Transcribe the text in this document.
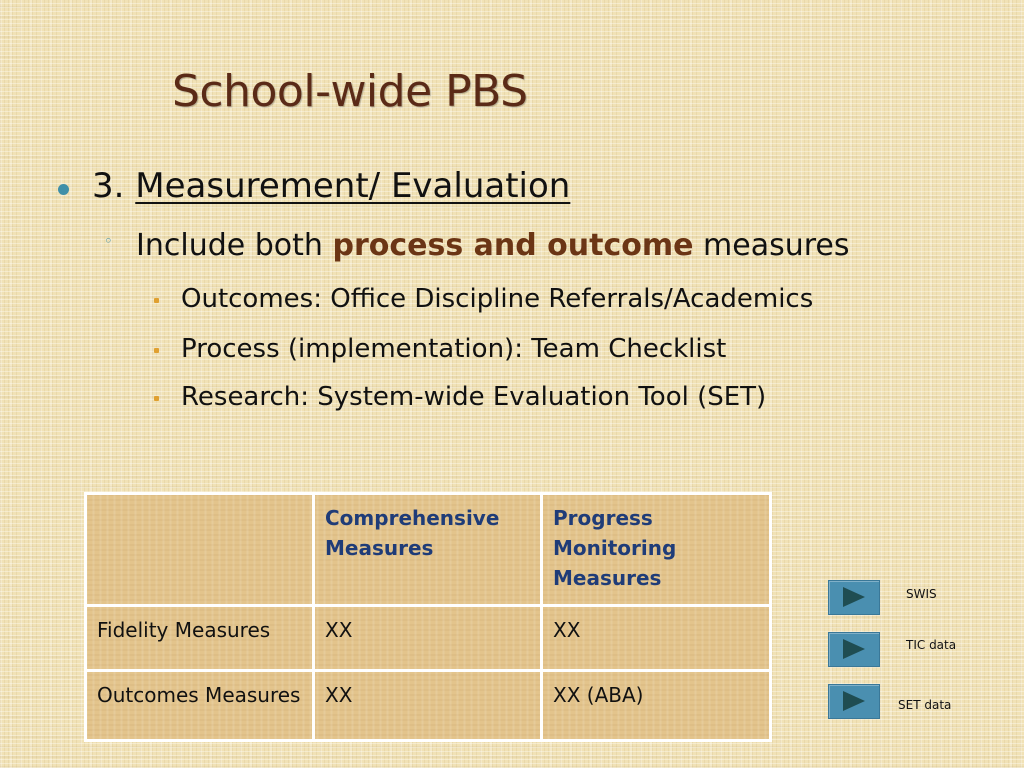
School-wide PBS
3. Measurement/ Evaluation
◦ Include both process and outcome measures
Outcomes: Office Discipline Referrals/Academics
Process (implementation): Team Checklist
Research: System-wide Evaluation Tool (SET)
	Comprehensive Measures	Progress Monitoring Measures
Fidelity Measures	XX	XX
Outcomes Measures	XX	XX (ABA)
SWIS
TIC data
SET data
